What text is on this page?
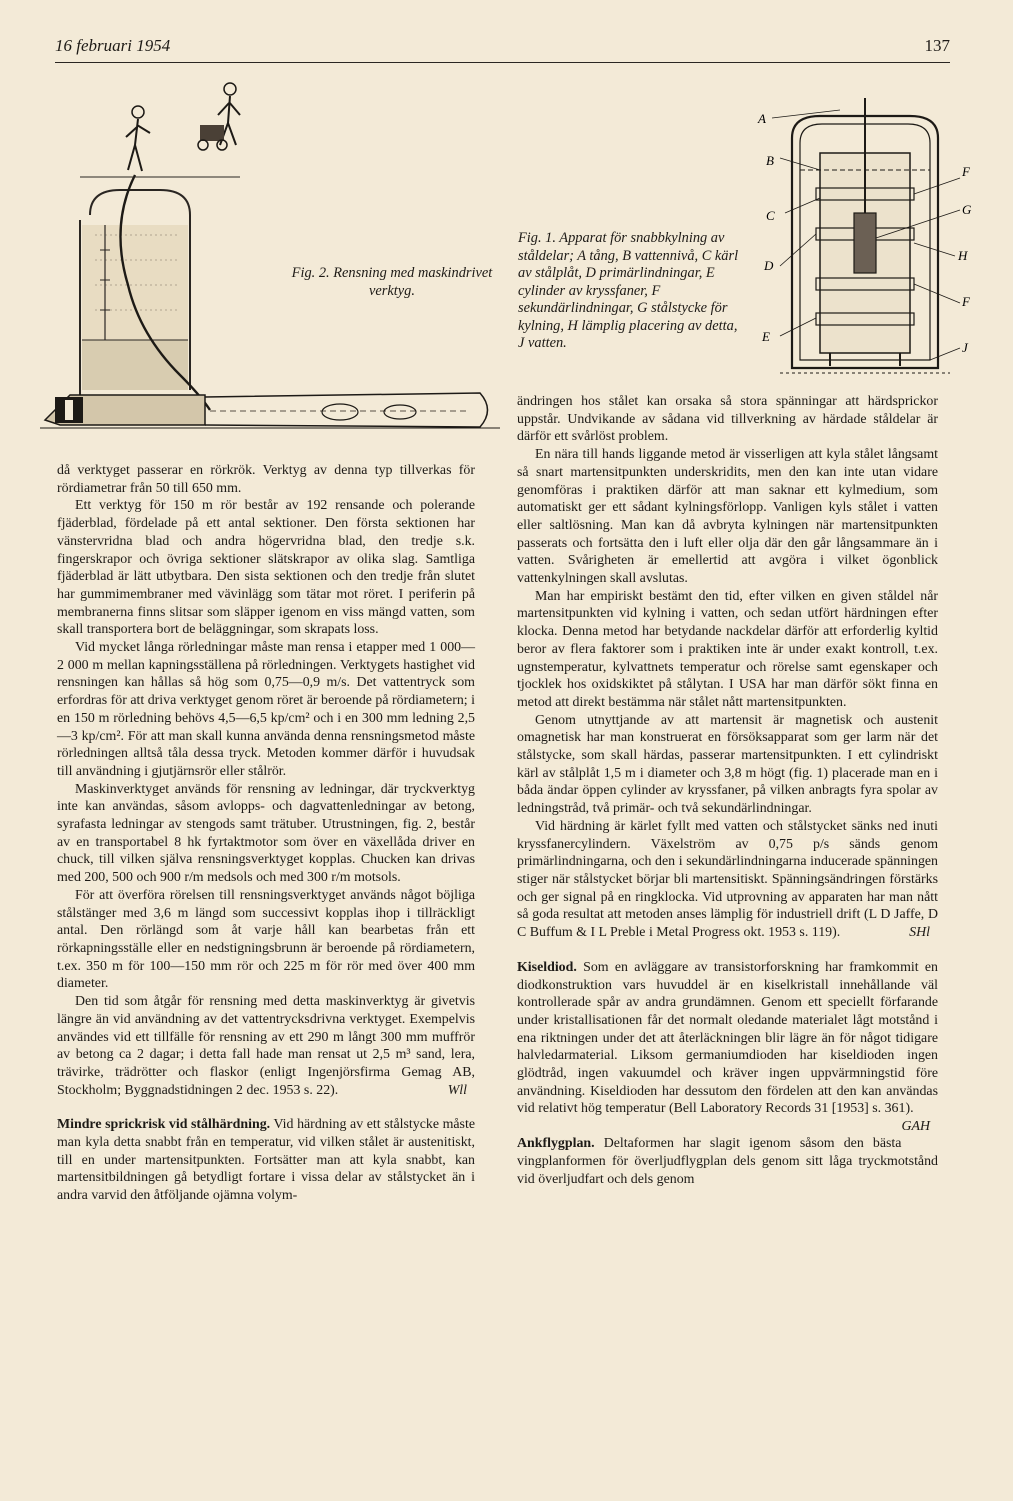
16 februari 1954	137
Fig. 2. Rensning med maskindrivet verktyg.
Fig. 1. Apparat för snabbkylning av ståldelar; A tång, B vattennivå, C kärl av stålplåt, D primärlindningar, E cylinder av kryssfaner, F sekundärlindningar, G stålstycke för kylning, H lämplig placering av detta, J vatten.
A
B
C
D
E
F
G
H
F
J

då verktyget passerar en rörkrök. Verktyg av denna typ tillverkas för rördiametrar från 50 till 650 mm.

Ett verktyg för 150 m rör består av 192 rensande och polerande fjäderblad, fördelade på ett antal sektioner. Den första sektionen har vänstervridna blad och andra högervridna blad, den tredje s.k. fingerskrapor och övriga sektioner slätskrapor av olika slag. Samtliga fjäderblad är lätt utbytbara. Den sista sektionen och den tredje från slutet har gummimembraner med vävinlägg som tätar mot röret. I periferin på membranerna finns slitsar som släpper igenom en viss mängd vatten, som skall transportera bort de beläggningar, som skrapats loss.

Vid mycket långa rörledningar måste man rensa i etapper med 1 000—2 000 m mellan kapningsställena på rörledningen. Verktygets hastighet vid rensningen kan hållas så hög som 0,75—0,9 m/s. Det vattentryck som erfordras för att driva verktyget genom röret är beroende på rördiametern; i en 150 m rörledning behövs 4,5—6,5 kp/cm² och i en 300 mm ledning 2,5—3 kp/cm². För att man skall kunna använda denna rensningsmetod måste rörledningen alltså tåla dessa tryck. Metoden kommer därför i huvudsak till användning i gjutjärnsrör eller stålrör.

Maskinverktyget används för rensning av ledningar, där tryckverktyg inte kan användas, såsom avlopps- och dagvattenledningar av betong, syrafasta ledningar av stengods samt trätuber. Utrustningen, fig. 2, består av en transportabel 8 hk fyrtaktmotor som över en växellåda driver en chuck, till vilken själva rensningsverktyget kopplas. Chucken kan drivas med 200, 500 och 900 r/m medsols och med 300 r/m motsols.

För att överföra rörelsen till rensningsverktyget används något böjliga stålstänger med 3,6 m längd som successivt kopplas ihop i tillräckligt antal. Den rörlängd som åt varje håll kan bearbetas från ett rörkapningsställe eller en nedstigningsbrunn är beroende på rördiametern, t.ex. 350 m för 100—150 mm rör och 225 m för rör med över 400 mm diameter.

Den tid som åtgår för rensning med detta maskinverktyg är givetvis längre än vid användning av det vattentrycksdrivna verktyget. Exempelvis användes vid ett tillfälle för rensning av ett 290 m långt 300 mm muffrör av betong ca 2 dagar; i detta fall hade man rensat ut 2,5 m³ sand, lera, trävirke, trädrötter och flaskor (enligt Ingenjörsfirma Gemag AB, Stockholm; Byggnadstidningen 2 dec. 1953 s. 22).	Wll

Mindre sprickrisk vid stålhärdning. Vid härdning av ett stålstycke måste man kyla detta snabbt från en temperatur, vid vilken stålet är austenitiskt, till en under martensitpunkten. Fortsätter man att kyla snabbt, kan martensitbildningen gå betydligt fortare i vissa delar av stålstycket än i andra varvid den åtföljande ojämna volym-

ändringen hos stålet kan orsaka så stora spänningar att härdsprickor uppstår. Undvikande av sådana vid tillverkning av härdade ståldelar är därför ett svårlöst problem.

En nära till hands liggande metod är visserligen att kyla stålet långsamt så snart martensitpunkten underskridits, men den kan inte utan vidare genomföras i praktiken därför att man saknar ett kylmedium, som automatiskt ger ett sådant kylningsförlopp. Vanligen kyls stålet i vatten eller saltlösning. Man kan då avbryta kylningen när martensitpunkten passerats och fortsätta den i luft eller olja där den går långsammare än i vatten. Svårigheten är emellertid att avgöra i vilket ögonblick vattenkylningen skall avslutas.

Man har empiriskt bestämt den tid, efter vilken en given ståldel når martensitpunkten vid kylning i vatten, och sedan utfört härdningen efter klocka. Denna metod har betydande nackdelar därför att erforderlig kyltid beror av flera faktorer som i praktiken inte är under exakt kontroll, t.ex. ugnstemperatur, kylvattnets temperatur och rörelse samt egenskaper och tjocklek hos oxidskiktet på stålytan. I USA har man därför sökt finna en metod att direkt bestämma när stålet nått martensitpunkten.

Genom utnyttjande av att martensit är magnetisk och austenit omagnetisk har man konstruerat en försöksapparat som ger larm när det stålstycke, som skall härdas, passerar martensitpunkten. I ett cylindriskt kärl av stålplåt 1,5 m i diameter och 3,8 m högt (fig. 1) placerade man en i båda ändar öppen cylinder av kryssfaner, på vilken anbragts fyra spolar av ledningstråd, två primär- och två sekundärlindningar.

Vid härdning är kärlet fyllt med vatten och stålstycket sänks ned inuti kryssfanercylindern. Växelström av 0,75 p/s sänds genom primärlindningarna, och den i sekundärlindningarna inducerade spänningen stiger när stålstycket börjar bli martensitiskt. Spänningsändringen förstärks och ger signal på en ringklocka. Vid utprovning av apparaten har man nått så goda resultat att metoden anses lämplig för industriell drift (L D Jaffe, D C Buffum & I L Preble i Metal Progress okt. 1953 s. 119).	SHl

Kiseldiod. Som en avläggare av transistorforskning har framkommit en diodkonstruktion vars huvuddel är en kiselkristall innehållande väl kontrollerade spår av andra grundämnen. Genom ett speciellt förfarande under kristallisationen får det normalt oledande materialet lågt motstånd i ena riktningen under det att återläckningen blir lägre än för något tidigare halvledarmaterial. Liksom germaniumdioden har kiseldioden ingen glödtråd, ingen vakuumdel och kräver ingen uppvärmningstid före användning. Kiseldioden har dessutom den fördelen att den kan användas vid relativt hög temperatur (Bell Laboratory Records 31 [1953] s. 361).
GAH

Ankflygplan. Deltaformen har slagit igenom såsom den bästa vingplanformen för överljudflygplan dels genom sitt låga tryckmotstånd vid överljudfart och dels genom
